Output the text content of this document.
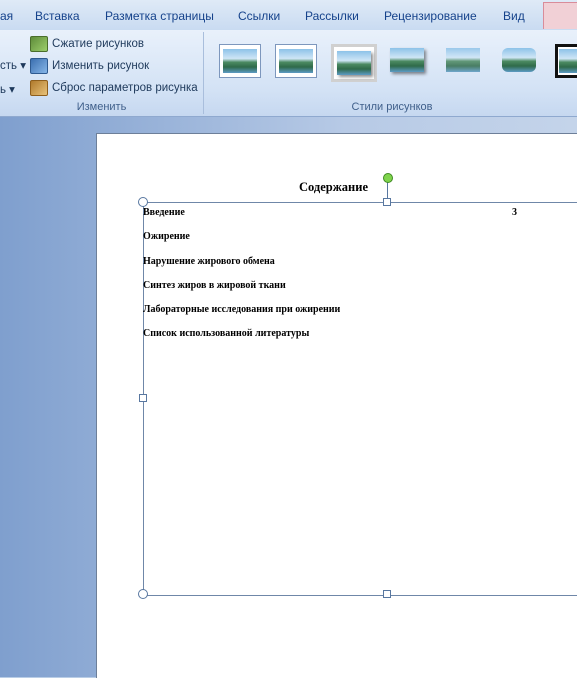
ая Вставка Разметка страницы Ссылки Рассылки Рецензирование Вид
сть ▾
ь ▾
Сжатие рисунков
Изменить рисунок
Сброс параметров рисунка
Изменить	Стили рисунков
Содержание
Введение
Ожирение
Нарушение жирового обмена
Синтез жиров в жировой ткани
Лабораторные исследования при ожирении
Список использованной литературы
3
